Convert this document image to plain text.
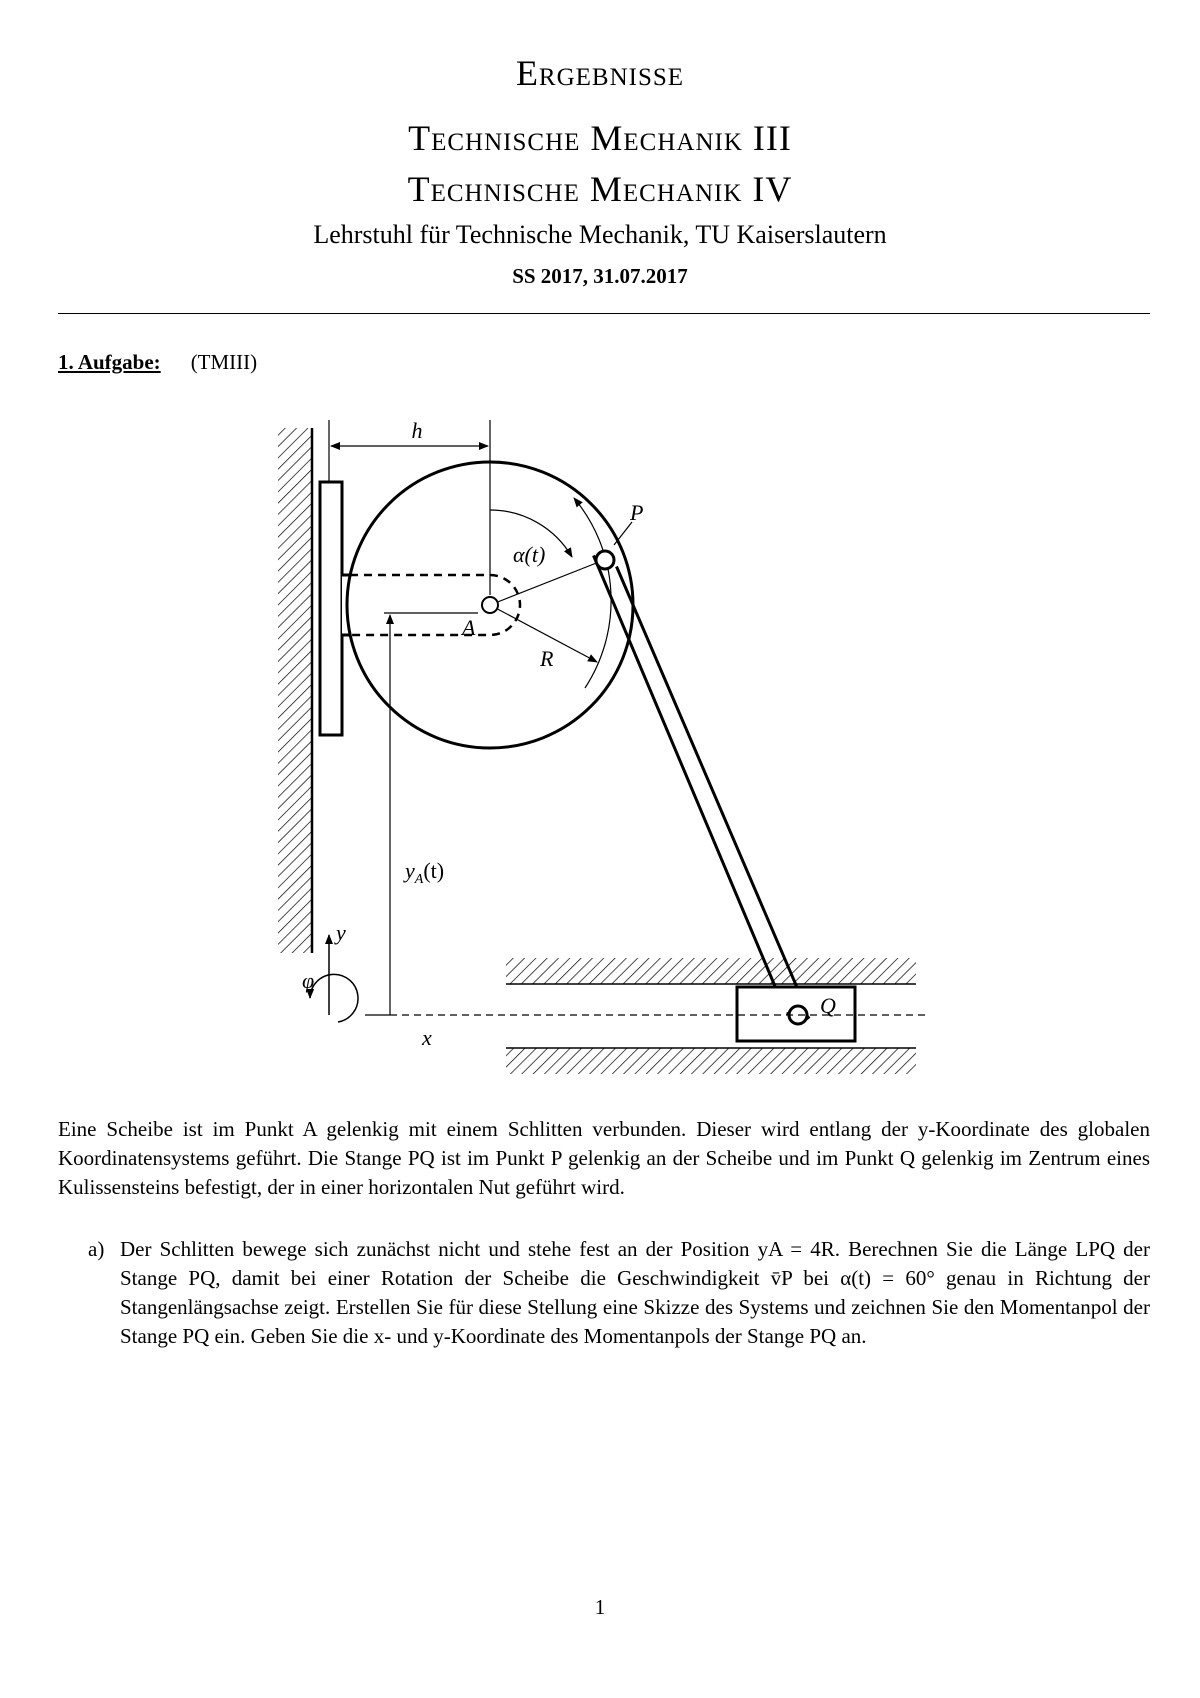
Ergebnisse
Technische Mechanik III
Technische Mechanik IV
Lehrstuhl für Technische Mechanik, TU Kaiserslautern
SS 2017, 31.07.2017
1. Aufgabe: (TMIII)
h
α(t)
R
P
A
Q
x
$y_A(t)$
y
φ
Eine Scheibe ist im Punkt A gelenkig mit einem Schlitten verbunden. Dieser wird entlang der y-Koordinate des globalen Koordinatensystems geführt. Die Stange PQ ist im Punkt P gelenkig an der Scheibe und im Punkt Q gelenkig im Zentrum eines Kulissensteins befestigt, der in einer horizontalen Nut geführt wird.
a) Der Schlitten bewege sich zunächst nicht und stehe fest an der Position yA = 4R. Berechnen Sie die Länge LPQ der Stange PQ, damit bei einer Rotation der Scheibe die Geschwindigkeit v̄P bei α(t) = 60° genau in Richtung der Stangenlängsachse zeigt. Erstellen Sie für diese Stellung eine Skizze des Systems und zeichnen Sie den Momentanpol der Stange PQ ein. Geben Sie die x- und y-Koordinate des Momentanpols der Stange PQ an.
1
